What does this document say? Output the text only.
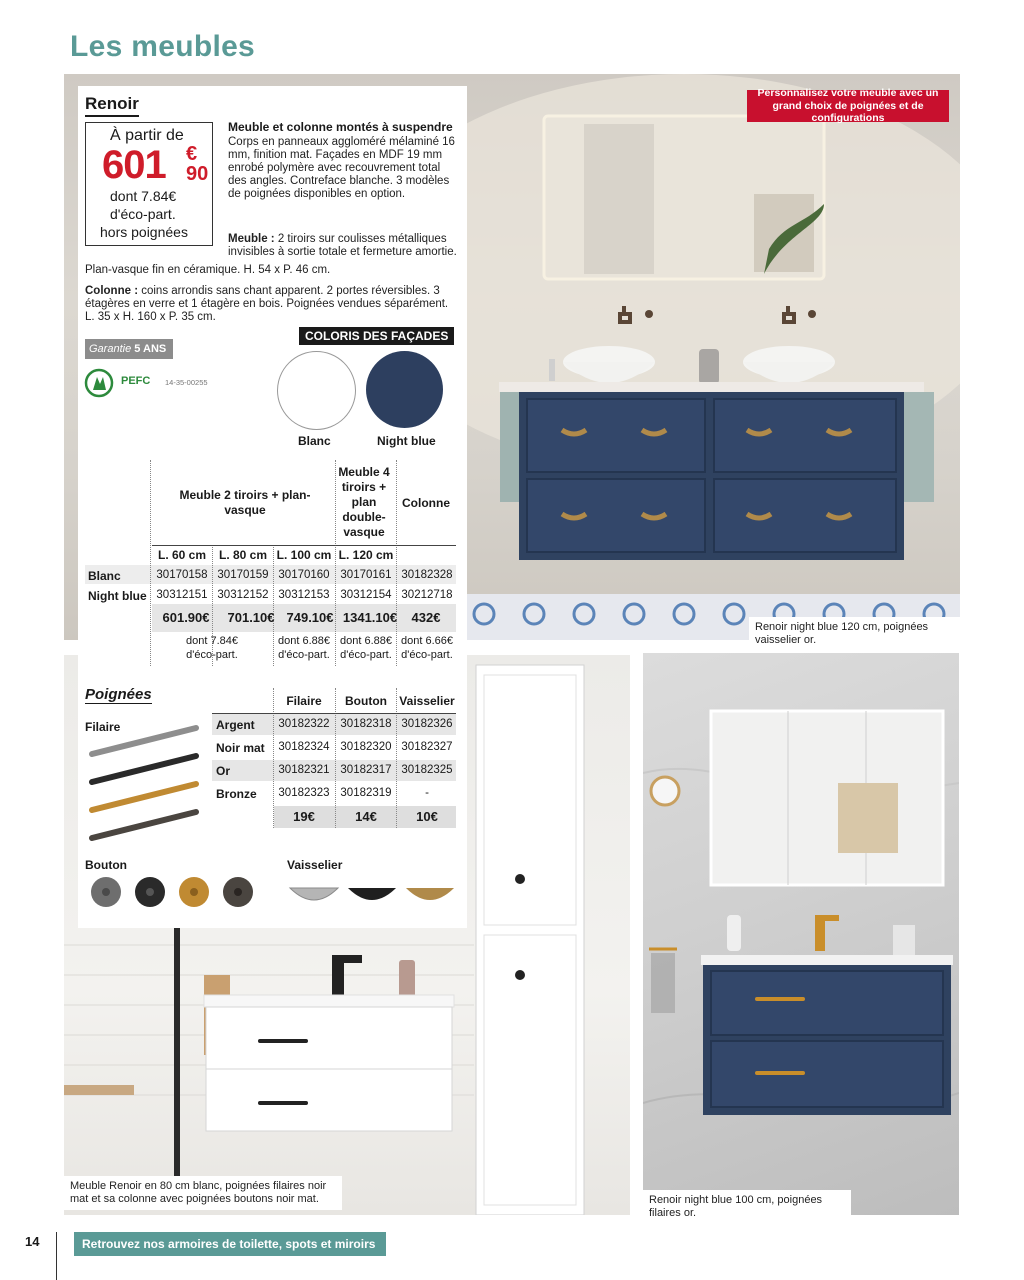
Les meubles
Renoir
À partir de
601 €
90
dont 7.84€
d'éco-part.
hors poignées
Meuble et colonne montés à suspendre
Corps en panneaux aggloméré mélaminé 16 mm, finition mat. Façades en MDF 19 mm enrobé polymère avec recouvrement total des angles. Contreface blanche. 3 modèles de poignées disponibles en option.
Meuble : 2 tiroirs sur coulisses métalliques invisibles à sortie totale et fermeture amortie.
Plan-vasque fin en céramique. H. 54 x P. 46 cm.
Colonne : coins arrondis sans chant apparent. 2 portes réversibles. 3 étagères en verre et 1 étagère en bois. Poignées vendues séparément. L. 35 x H. 160 x P. 35 cm.
Garantie 5 ANS
PEFC 14-35-00255
COLORIS DES FAÇADES
Blanc	Night blue
Meuble 2 tiroirs + plan-vasque
Meuble 4 tiroirs + plan double-vasque
Colonne
L. 60 cm	L. 80 cm L. 100 cm L. 120 cm
Blanc	30170158 30170159 30170160 30170161 30182328
Night blue 30312151 30312152 30312153 30312154 30212718
601.90€	701.10€ 749.10€ 1341.10€	432€
dont 7.84€
d'éco-part.
dont 6.88€
d'éco-part.
dont 6.88€
d'éco-part.
dont 6.66€
d'éco-part.
Poignées
Filaire
Filaire	Bouton	Vaisselier
Argent	30182322 30182318 30182326
Noir mat	30182324 30182320 30182327
Or	30182321 30182317 30182325
Bronze	30182323 30182319	-
19€	14€	10€
Bouton	Vaisselier
Personnalisez votre meuble avec un grand choix de poignées et de configurations
Renoir night blue 120 cm, poignées vaisselier or.
Meuble Renoir en 80 cm blanc, poignées filaires noir mat et sa colonne avec poignées boutons noir mat.	Renoir night blue 100 cm, poignées filaires or.
14	Retrouvez nos armoires de toilette, spots et miroirs p.26.
